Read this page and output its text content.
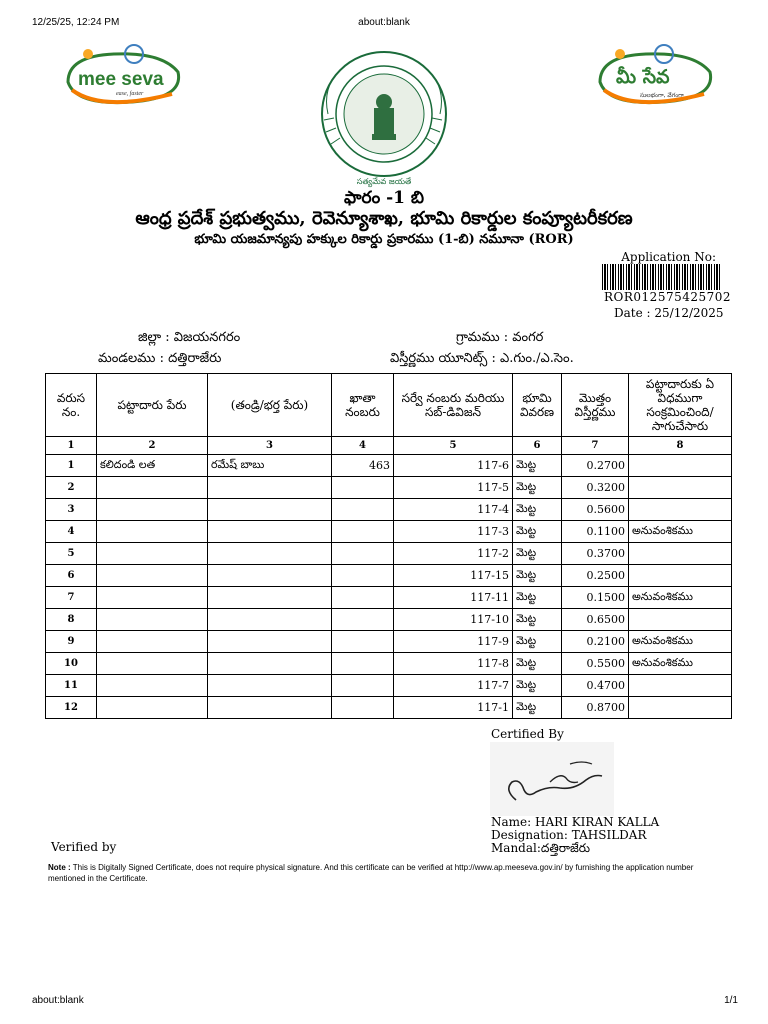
12/25/25, 12:24 PM	about:blank
mee seva
ease, faster
సత్యమేవ జయతే
మీ సేవ
సులభంగా, వేగంగా
ఫారం -1 బి
ఆంధ్ర ప్రదేశ్ ప్రభుత్వము, రెవెన్యూశాఖ, భూమి రికార్డుల కంప్యూటరీకరణ
భూమి యజమాన్యపు హక్కుల రికార్డు ప్రకారము (1-బి) నమూనా (ROR)
Application No:
ROR012575425702
Date : 25/12/2025
జిల్లా : విజయనగరం	గ్రామము : వంగర
మండలము : దత్తిరాజేరు	విస్తీర్ణము యూనిట్స్ : ఎ.గుం./ఎ.సెం.
వరుస నం.	పట్టాదారు పేరు	(తండ్రి/భర్త పేరు)	ఖాతా నంబరు	సర్వే నంబరు మరియు సబ్-డివిజన్	భూమి వివరణ	మొత్తం విస్తీర్ణము	పట్టాదారుకు ఏ విధముగా సంక్రమించింది/ సాగుచేసారు
1	2	3	4	5	6	7	8
1	కలిదండి లత	రమేష్ బాబు	463	117-6	మెట్ట	0.2700	
2				117-5	మెట్ట	0.3200	
3				117-4	మెట్ట	0.5600	
4				117-3	మెట్ట	0.1100	అనువంశికము
5				117-2	మెట్ట	0.3700	
6				117-15	మెట్ట	0.2500	
7				117-11	మెట్ట	0.1500	అనువంశికము
8				117-10	మెట్ట	0.6500	
9				117-9	మెట్ట	0.2100	అనువంశికము
10				117-8	మెట్ట	0.5500	అనువంశికము
11				117-7	మెట్ట	0.4700	
12				117-1	మెట్ట	0.8700	
Certified By
Name: HARI KIRAN KALLA
Designation: TAHSILDAR
Mandal:దత్తిరాజేరు
Verified by
Note : This is Digitally Signed Certificate, does not require physical signature. And this certificate can be verified at http://www.ap.meeseva.gov.in/ by furnishing the application number mentioned in the Certificate.
about:blank	1/1
